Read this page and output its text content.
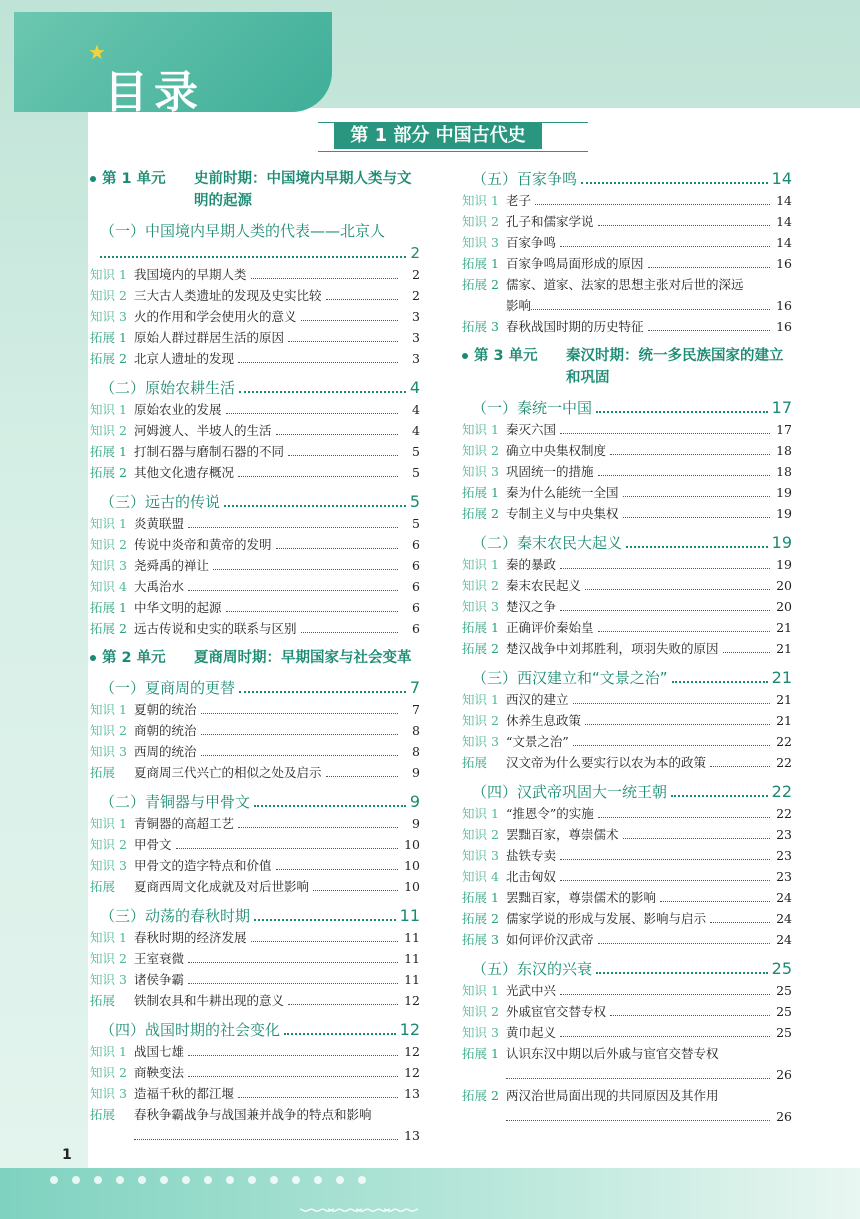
﹏﹏﹏﹏
★
目录
第 1 部分 中国古代史
第 1 单元 史前时期：中国境内早期人类与文明的起源
（一）中国境内早期人类的代表——北京人
2
知识 1 我国境内的早期人类	2
知识 2 三大古人类遗址的发现及史实比较	2
知识 3 火的作用和学会使用火的意义	3
拓展 1 原始人群过群居生活的原因	3
拓展 2 北京人遗址的发现	3
（二）原始农耕生活	4
知识 1 原始农业的发展	4
知识 2 河姆渡人、半坡人的生活	4
拓展 1 打制石器与磨制石器的不同	5
拓展 2 其他文化遗存概况	5
（三）远古的传说	5
知识 1 炎黄联盟	5
知识 2 传说中炎帝和黄帝的发明	6
知识 3 尧舜禹的禅让	6
知识 4 大禹治水	6
拓展 1 中华文明的起源	6
拓展 2 远古传说和史实的联系与区别	6
第 2 单元 夏商周时期：早期国家与社会变革
（一）夏商周的更替	7
知识 1 夏朝的统治	7
知识 2 商朝的统治	8
知识 3 西周的统治	8
拓展	夏商周三代兴亡的相似之处及启示	9
（二）青铜器与甲骨文	9
知识 1 青铜器的高超工艺	9
知识 2 甲骨文	10
知识 3 甲骨文的造字特点和价值	10
拓展	夏商西周文化成就及对后世影响	10
（三）动荡的春秋时期	11
知识 1 春秋时期的经济发展	11
知识 2 王室衰微	11
知识 3 诸侯争霸	11
拓展	铁制农具和牛耕出现的意义	12
（四）战国时期的社会变化	12
知识 1 战国七雄	12
知识 2 商鞅变法	12
知识 3 造福千秋的都江堰	13
拓展	春秋争霸战争与战国兼并战争的特点和影响
13
（五）百家争鸣	14
知识 1 老子	14
知识 2 孔子和儒家学说	14
知识 3 百家争鸣	14
拓展 1 百家争鸣局面形成的原因	16
拓展 2 儒家、道家、法家的思想主张对后世的深远
影响	16
拓展 3 春秋战国时期的历史特征	16
第 3 单元 秦汉时期：统一多民族国家的建立和巩固
（一）秦统一中国	17
知识 1 秦灭六国	17
知识 2 确立中央集权制度	18
知识 3 巩固统一的措施	18
拓展 1 秦为什么能统一全国	19
拓展 2 专制主义与中央集权	19
（二）秦末农民大起义	19
知识 1 秦的暴政	19
知识 2 秦末农民起义	20
知识 3 楚汉之争	20
拓展 1 正确评价秦始皇	21
拓展 2 楚汉战争中刘邦胜利，项羽失败的原因	21
（三）西汉建立和“文景之治”	21
知识 1 西汉的建立	21
知识 2 休养生息政策	21
知识 3 “文景之治”	22
拓展	汉文帝为什么要实行以农为本的政策	22
（四）汉武帝巩固大一统王朝	22
知识 1 “推恩令”的实施	22
知识 2 罢黜百家，尊崇儒术	23
知识 3 盐铁专卖	23
知识 4 北击匈奴	23
拓展 1 罢黜百家，尊崇儒术的影响	24
拓展 2 儒家学说的形成与发展、影响与启示	24
拓展 3 如何评价汉武帝	24
（五）东汉的兴衰	25
知识 1 光武中兴	25
知识 2 外戚宦官交替专权	25
知识 3 黄巾起义	25
拓展 1 认识东汉中期以后外戚与宦官交替专权
26
拓展 2 两汉治世局面出现的共同原因及其作用
26
1
